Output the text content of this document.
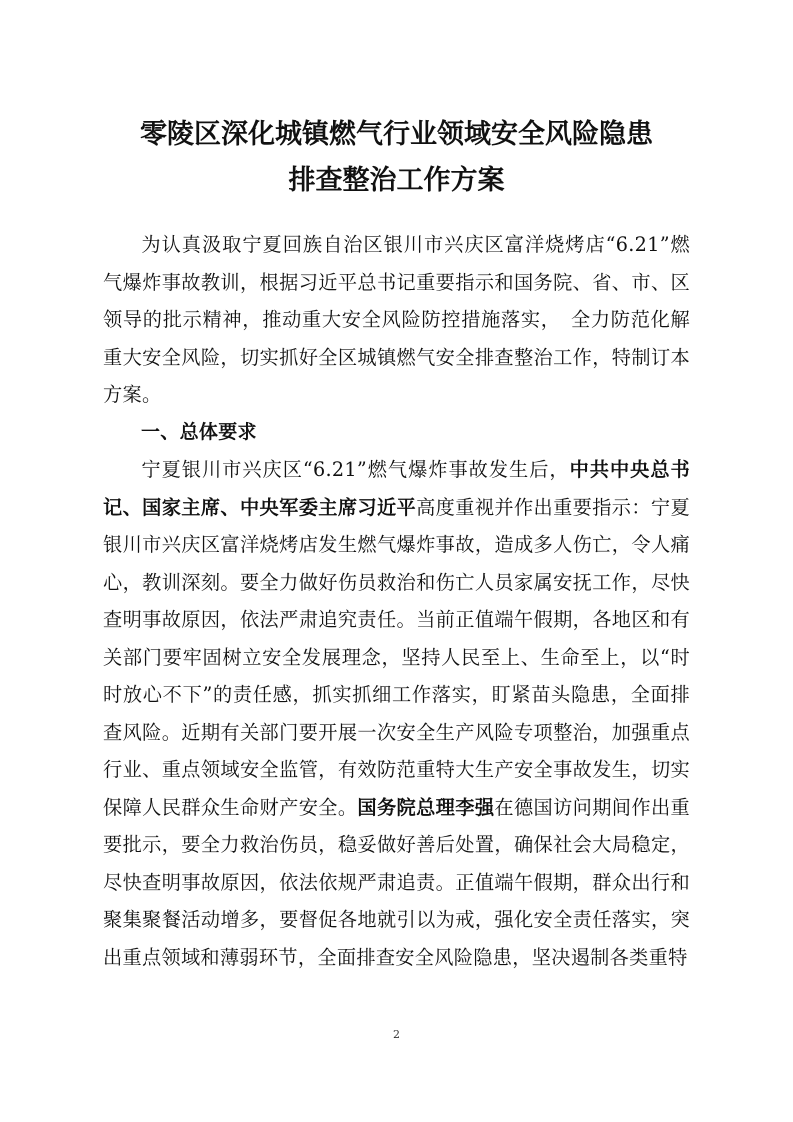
零陵区深化城镇燃气行业领域安全风险隐患
排查整治工作方案

为认真汲取宁夏回族自治区银川市兴庆区富洋烧烤店“6.21”燃气爆炸事故教训，根据习近平总书记重要指示和国务院、省、市、区领导的批示精神，推动重大安全风险防控措施落实，　全力防范化解重大安全风险，切实抓好全区城镇燃气安全排查整治工作，特制订本方案。

一、总体要求

宁夏银川市兴庆区“6.21”燃气爆炸事故发生后，中共中央总书记、国家主席、中央军委主席习近平高度重视并作出重要指示：宁夏银川市兴庆区富洋烧烤店发生燃气爆炸事故，造成多人伤亡，令人痛心，教训深刻。要全力做好伤员救治和伤亡人员家属安抚工作，尽快查明事故原因，依法严肃追究责任。当前正值端午假期，各地区和有关部门要牢固树立安全发展理念，坚持人民至上、生命至上，以“时时放心不下”的责任感，抓实抓细工作落实，盯紧苗头隐患，全面排查风险。近期有关部门要开展一次安全生产风险专项整治，加强重点行业、重点领域安全监管，有效防范重特大生产安全事故发生，切实保障人民群众生命财产安全。国务院总理李强在德国访问期间作出重要批示，要全力救治伤员，稳妥做好善后处置，确保社会大局稳定，尽快查明事故原因，依法依规严肃追责。正值端午假期，群众出行和聚集聚餐活动增多，要督促各地就引以为戒，强化安全责任落实，突出重点领域和薄弱环节，全面排查安全风险隐患，坚决遏制各类重特

2
